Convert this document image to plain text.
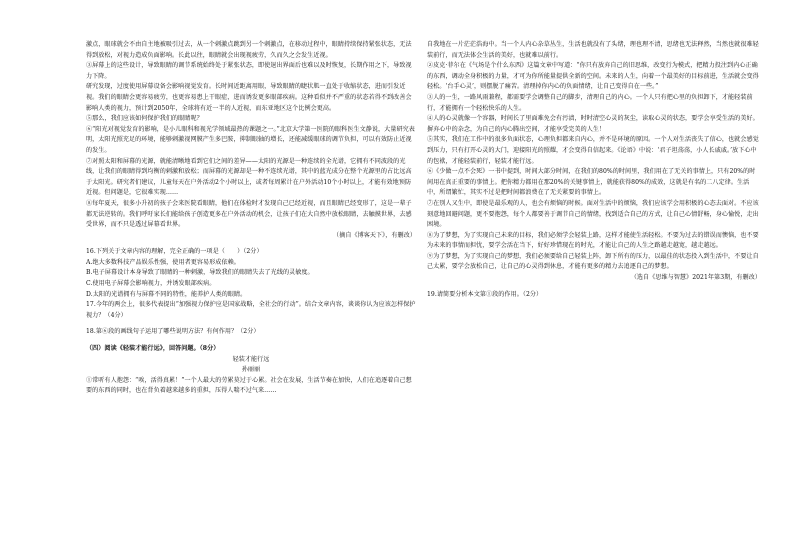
激点，眼球就会不由自主地被吸引过去，从一个刺激点跳到另一个刺激点，在移动过程中，眼睛持续保持紧张状态，无法得到放松，对视力造成负面影响。长此以往，眼睛就会出现视疲劳，久而久之会发生近视。

③屏幕上的这些设计，导致眼睛的调节系统始终处于紧张状态，即使退出界面后也难以及时恢复，长期作用之下，导致视力下降。

研究发现，过度使用屏幕设备会影响视觉发育。长时间近距离用眼，导致眼睛的睫状肌一直处于收缩状态，进而引发近视。我们的眼睛会更容易疲劳，也更容易患上干眼症，进而诱发更多眼部疾病。这种看似并不严重的状态若得不到改善会影响人类的视力，预计到2050年，全球将有近一半的人近视，而东亚地区这个比例会更高。

⑤那么，我们应该如何保护我们的眼睛呢？

⑥“阳光对视觉发育的影响，是小儿眼科和视光学领域最热的课题之一。”北京大学第一医院的眼科医生文静说，大量研究表明，太阳光照充足的环境，能够刺激视网膜产生多巴胺，抑制眼轴的增长，还能减缓眼球的调节负担，可以有效防止近视的发生。

⑦对照太阳和屏幕的光源，就能清晰地看到它们之间的差异——太阳的光源是一种连续的全光谱，它拥有不同波段的光线，让我们的眼睛得到均衡的刺激和放松；而屏幕的光源却是一种不连续光谱，其中的蓝光成分在整个光源里的占比远高于太阳光。研究者们建议，儿童每天在户外活动2个小时以上，或者每周累计在户外活动10个小时以上，才能有效地预防近视。但问题是，它很难实现……

⑧每年夏天，很多小升初的孩子会来医院看眼睛，他们在体检时才发现自己已经近视，而且眼睛已经变形了，这是一辈子都无法逆转的。我们呼吁家长们能给孩子创造更多在户外活动的机会，让孩子们在大自然中放松眼睛，去触摸世界，去感受世界，而不只是透过屏幕看世界。

（摘自《博客天下》，有删改）

16.下列关于文章内容的理解，完全正确的一项是（　　）（2分）

A.绝大多数科技产品娱乐性强，使用者更容易形成依赖。

B.电子屏幕设计本身导致了眼睛的一种刺激，导致我们的眼睛失去了光线的灵敏度。

C.使用电子屏幕会影响视力，并诱发眼部疾病。

D.太阳的光谱拥有与屏幕不同的特性，能养护人类的眼睛。

17.今年的两会上，很多代表提出“加强视力保护应是国家战略，全社会的行动”。结合文章内容，谈谈你认为应该怎样保护视力？（4分）

18.第⑥段的画线句子运用了哪些说明方法？有何作用？（2分）

（四）阅读《轻装才能行远》，回答问题。（8分）

轻装才能行远

孙丽丽

①常听有人抱怨：“唉，活得真累！”一个人最大的劳累莫过于心累。社会在发展，生活节奏在加快，人们在追逐着自己想要的东西的同时，也在背负着越来越多的重担，压得人喘不过气来……

自我地在一片茫茫浩海中。当一个人内心杂草丛生，生活也就没有了头绪，理也理不清，思绪也无法释然，当然也就很难轻装前行，而无法体会生活的美好，也就难以前行。

②皮克·菲尔在《气场是个什么东西》这篇文章中写道：“你只有放弃自己的旧思维，改变行为模式，把精力投注到内心正确的东西，调动全身积极的力量，才可为你所能量提供全新的空间。未来的人生，向着一个最美好的目标前进，生活就会变得轻松。‘台手心灵’，则摆脱了痛苦。清理掉你内心的负面情绪，让自己变得自在一些。”

③人的一生，一路风雨兼程，都需要学会调整自己的脚步，清理自己的内心。一个人只有把心里的负担卸下，才能轻装前行，才能拥有一个轻松快乐的人生。

④人的心灵就像一个容器，时间长了里面难免会有污渍，时时清空心灵的灰尘，读取心灵的状态，要学会享受生活的美好。摒弃心中的杂念，为自己的内心腾出空间，才能享受完美的人生！

⑤其实，我们在工作中的很多负面状态，心理负担都来自内心，并不是环境的原因。一个人对生活丧失了信心，也就会感觉到压力，只有打开心灵的大门，迎接阳光的照耀，才会变得自信起来。《论语》中说：‘君子坦荡荡，小人长戚戚。’放下心中的包袱，才能轻装前行，轻装才能行远。

⑥《少做一点不会死》一书中提到，时间大部分时间，在我们的80%的时间里，我们用在了无关的事情上，只有20%的时间用在真正重要的事情上。把你精力都用在那20%的关键事情上，就能获得80%的成效，这就是有名的二八定律。生活中，所谓繁忙，其实不过是把时间都浪费在了无关紧要的事情上。

⑦在别人又生中，即使是最乐观的人，也会有烦恼的时候。面对生活中的烦恼，我们应该学会用积极的心态去面对。不应该刻意地回避问题，更不要抱怨，每个人都要善于调节自己的情绪，找到适合自己的方式，让自己心情舒畅，身心愉悦，走出困境。

⑧为了梦想，为了实现自己未来的目标，我们必须学会轻装上路，这样才能使生活轻松。不要为过去的错误而懊恼，也不要为未来的事情而担忧，要学会活在当下，好好珍惜现在的时光，才能让自己的人生之路越走越宽，越走越远。

⑨为了梦想，为了实现自己的梦想，我们必须要给自己轻装上阵，卸下所有的压力，以最佳的状态投入到生活中，不要让自己太累，要学会放松自己，让自己的心灵得到休息，才能有更多的精力去追逐自己的梦想。

（选自《思维与智慧》2021年第3期，有删改）

19.请简要分析本文第①段的作用。（2分）
